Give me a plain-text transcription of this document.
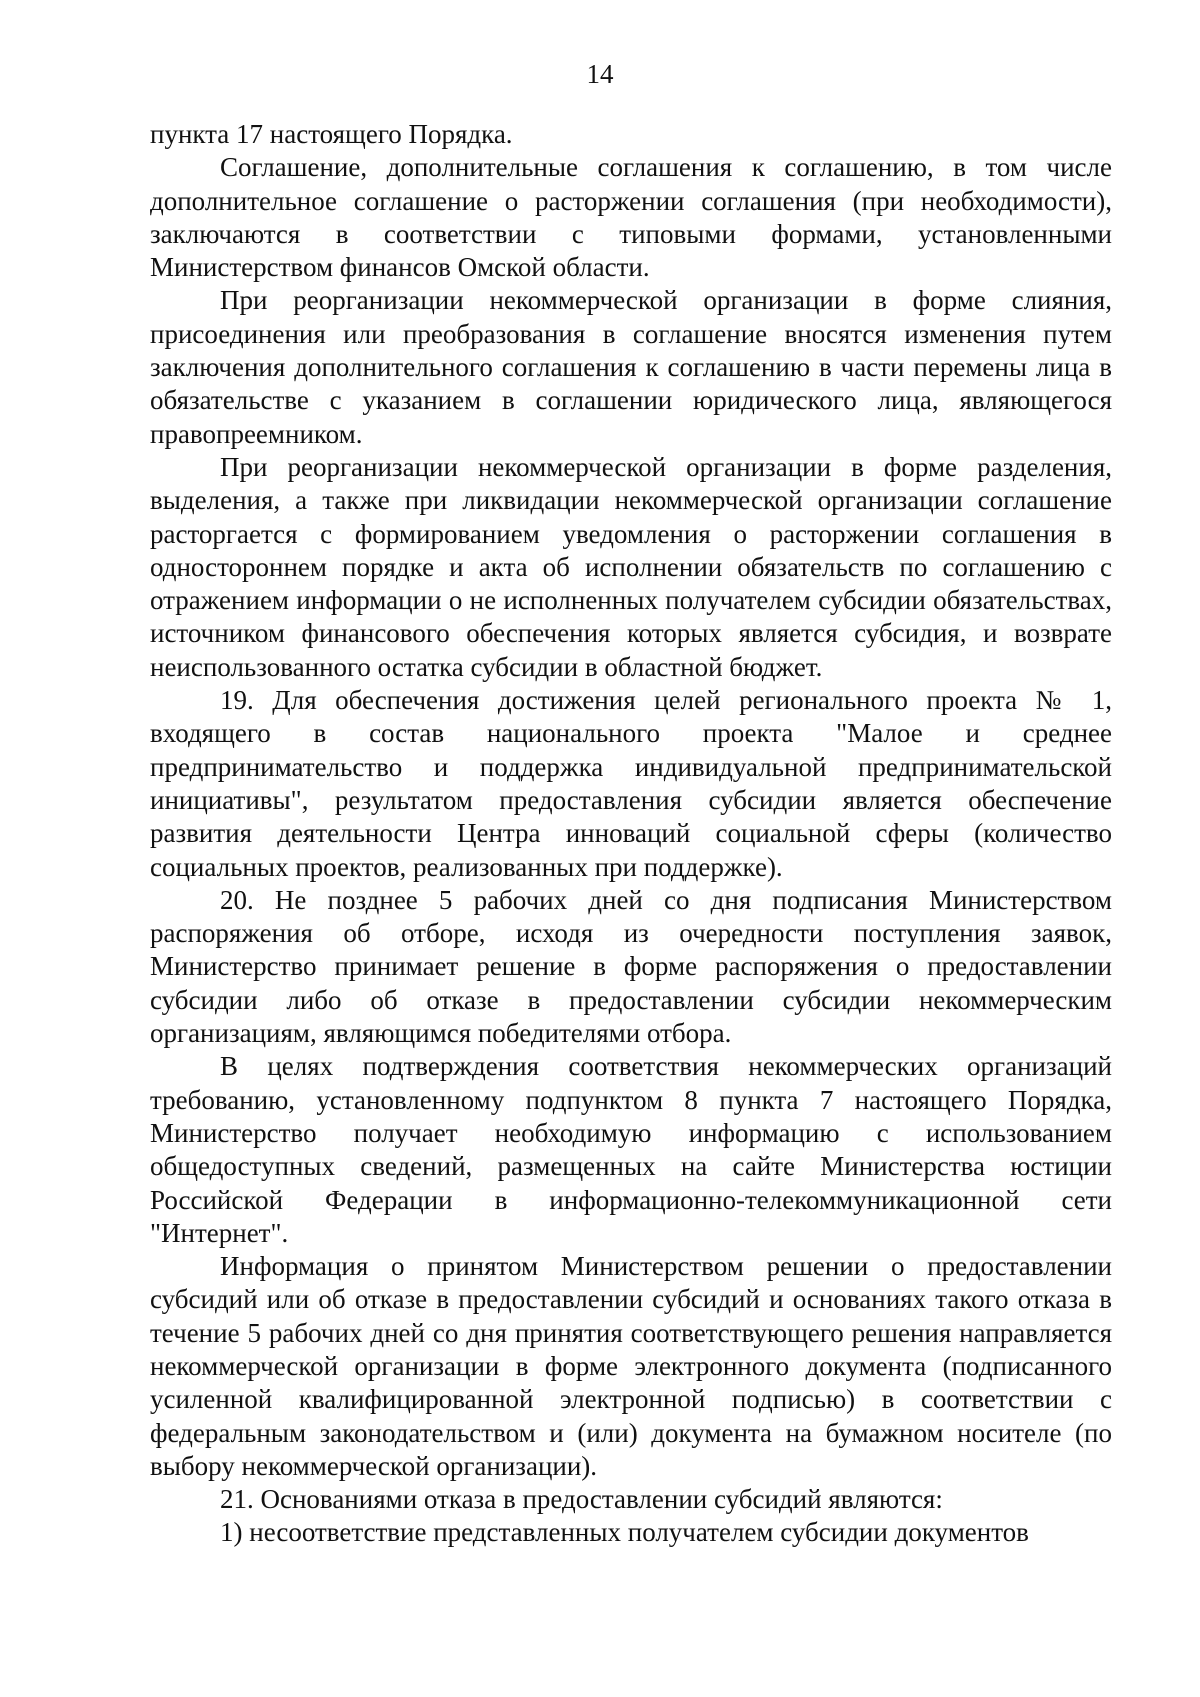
14

пункта 17 настоящего Порядка.

Соглашение, дополнительные соглашения к соглашению, в том числе дополнительное соглашение о расторжении соглашения (при необходимости), заключаются в соответствии с типовыми формами, установленными Министерством финансов Омской области.

При реорганизации некоммерческой организации в форме слияния, присоединения или преобразования в соглашение вносятся изменения путем заключения дополнительного соглашения к соглашению в части перемены лица в обязательстве с указанием в соглашении юридического лица, являющегося правопреемником.

При реорганизации некоммерческой организации в форме разделения, выделения, а также при ликвидации некоммерческой организации соглашение расторгается с формированием уведомления о расторжении соглашения в одностороннем порядке и акта об исполнении обязательств по соглашению с отражением информации о не исполненных получателем субсидии обязательствах, источником финансового обеспечения которых является субсидия, и возврате неиспользованного остатка субсидии в областной бюджет.

19. Для обеспечения достижения целей регионального проекта № 1, входящего в состав национального проекта "Малое и среднее предпринимательство и поддержка индивидуальной предпринимательской инициативы", результатом предоставления субсидии является обеспечение развития деятельности Центра инноваций социальной сферы (количество социальных проектов, реализованных при поддержке).

20. Не позднее 5 рабочих дней со дня подписания Министерством распоряжения об отборе, исходя из очередности поступления заявок, Министерство принимает решение в форме распоряжения о предоставлении субсидии либо об отказе в предоставлении субсидии некоммерческим организациям, являющимся победителями отбора.

В целях подтверждения соответствия некоммерческих организаций требованию, установленному подпунктом 8 пункта 7 настоящего Порядка, Министерство получает необходимую информацию с использованием общедоступных сведений, размещенных на сайте Министерства юстиции Российской Федерации в информационно-телекоммуникационной сети "Интернет".

Информация о принятом Министерством решении о предоставлении субсидий или об отказе в предоставлении субсидий и основаниях такого отказа в течение 5 рабочих дней со дня принятия соответствующего решения направляется некоммерческой организации в форме электронного документа (подписанного усиленной квалифицированной электронной подписью) в соответствии с федеральным законодательством и (или) документа на бумажном носителе (по выбору некоммерческой организации).

21. Основаниями отказа в предоставлении субсидий являются:

1) несоответствие представленных получателем субсидии документов
